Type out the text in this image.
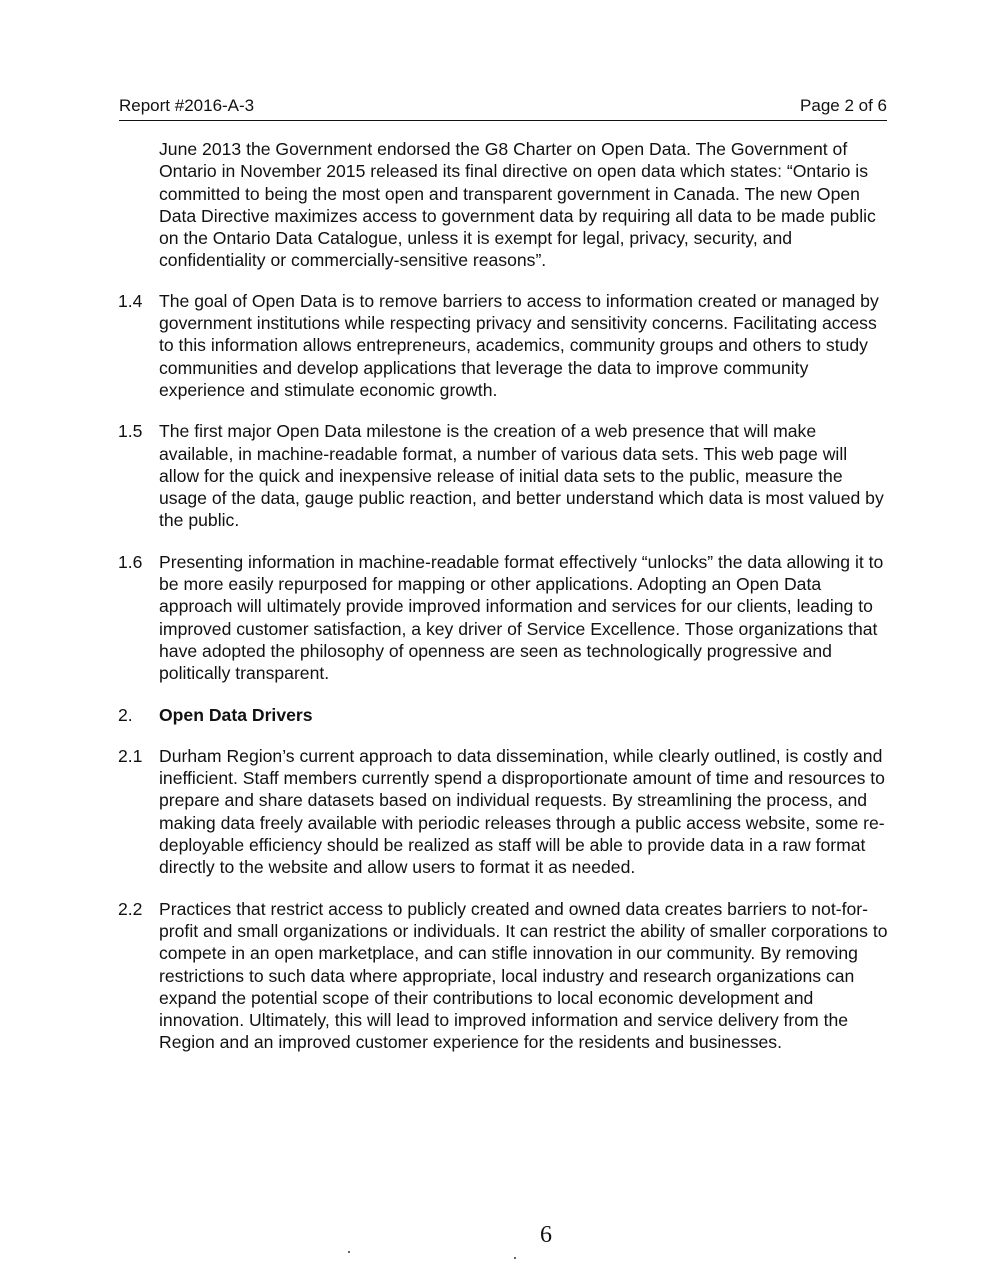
Report #2016-A-3	Page 2 of 6
June 2013 the Government endorsed the G8 Charter on Open Data. The Government of Ontario in November 2015 released its final directive on open data which states: “Ontario is committed to being the most open and transparent government in Canada. The new Open Data Directive maximizes access to government data by requiring all data to be made public on the Ontario Data Catalogue, unless it is exempt for legal, privacy, security, and confidentiality or commercially-sensitive reasons”.
1.4 The goal of Open Data is to remove barriers to access to information created or managed by government institutions while respecting privacy and sensitivity concerns. Facilitating access to this information allows entrepreneurs, academics, community groups and others to study communities and develop applications that leverage the data to improve community experience and stimulate economic growth.
1.5 The first major Open Data milestone is the creation of a web presence that will make available, in machine-readable format, a number of various data sets. This web page will allow for the quick and inexpensive release of initial data sets to the public, measure the usage of the data, gauge public reaction, and better understand which data is most valued by the public.
1.6 Presenting information in machine-readable format effectively “unlocks” the data allowing it to be more easily repurposed for mapping or other applications. Adopting an Open Data approach will ultimately provide improved information and services for our clients, leading to improved customer satisfaction, a key driver of Service Excellence. Those organizations that have adopted the philosophy of openness are seen as technologically progressive and politically transparent.
2. Open Data Drivers
2.1 Durham Region’s current approach to data dissemination, while clearly outlined, is costly and inefficient. Staff members currently spend a disproportionate amount of time and resources to prepare and share datasets based on individual requests. By streamlining the process, and making data freely available with periodic releases through a public access website, some re-deployable efficiency should be realized as staff will be able to provide data in a raw format directly to the website and allow users to format it as needed.
2.2 Practices that restrict access to publicly created and owned data creates barriers to not-for-profit and small organizations or individuals. It can restrict the ability of smaller corporations to compete in an open marketplace, and can stifle innovation in our community. By removing restrictions to such data where appropriate, local industry and research organizations can expand the potential scope of their contributions to local economic development and innovation. Ultimately, this will lead to improved information and service delivery from the Region and an improved customer experience for the residents and businesses.
6
